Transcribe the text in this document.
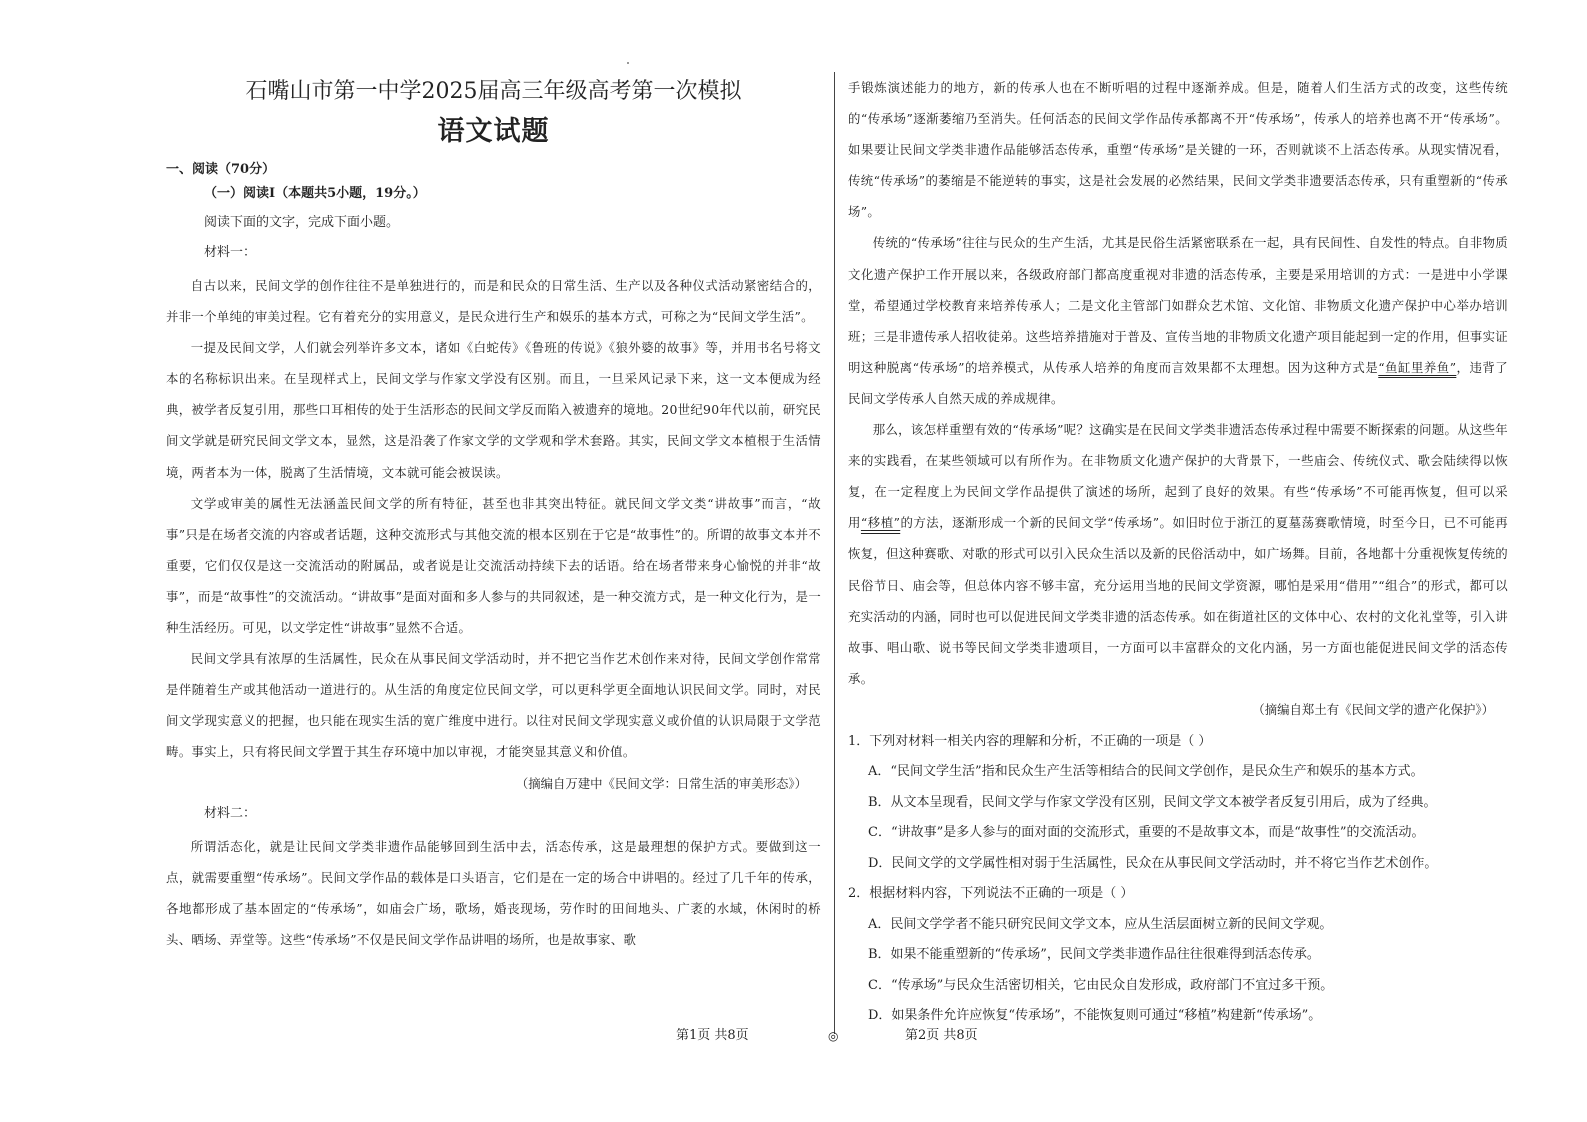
石嘴山市第一中学2025届高三年级高考第一次模拟
语文试题
一、阅读（70分）
（一）阅读I（本题共5小题，19分。）
阅读下面的文字，完成下面小题。
材料一：

自古以来，民间文学的创作往往不是单独进行的，而是和民众的日常生活、生产以及各种仪式活动紧密结合的，并非一个单纯的审美过程。它有着充分的实用意义，是民众进行生产和娱乐的基本方式，可称之为“民间文学生活”。

一提及民间文学，人们就会列举许多文本，诸如《白蛇传》《鲁班的传说》《狼外婆的故事》等，并用书名号将文本的名称标识出来。在呈现样式上，民间文学与作家文学没有区别。而且，一旦采风记录下来，这一文本便成为经典，被学者反复引用，那些口耳相传的处于生活形态的民间文学反而陷入被遗弃的境地。20世纪90年代以前，研究民间文学就是研究民间文学文本，显然，这是沿袭了作家文学的文学观和学术套路。其实，民间文学文本植根于生活情境，两者本为一体，脱离了生活情境，文本就可能会被误读。

文学或审美的属性无法涵盖民间文学的所有特征，甚至也非其突出特征。就民间文学文类“讲故事”而言，“故事”只是在场者交流的内容或者话题，这种交流形式与其他交流的根本区别在于它是“故事性”的。所谓的故事文本并不重要，它们仅仅是这一交流活动的附属品，或者说是让交流活动持续下去的话语。给在场者带来身心愉悦的并非“故事”，而是“故事性”的交流活动。“讲故事”是面对面和多人参与的共同叙述，是一种交流方式，是一种文化行为，是一种生活经历。可见，以文学定性“讲故事”显然不合适。

民间文学具有浓厚的生活属性，民众在从事民间文学活动时，并不把它当作艺术创作来对待，民间文学创作常常是伴随着生产或其他活动一道进行的。从生活的角度定位民间文学，可以更科学更全面地认识民间文学。同时，对民间文学现实意义的把握，也只能在现实生活的宽广维度中进行。以往对民间文学现实意义或价值的认识局限于文学范畴。事实上，只有将民间文学置于其生存环境中加以审视，才能突显其意义和价值。

（摘编自万建中《民间文学：日常生活的审美形态》）
材料二：

所谓活态化，就是让民间文学类非遗作品能够回到生活中去，活态传承，这是最理想的保护方式。要做到这一点，就需要重塑“传承场”。民间文学作品的载体是口头语言，它们是在一定的场合中讲唱的。经过了几千年的传承，各地都形成了基本固定的“传承场”，如庙会广场，歌场，婚丧现场，劳作时的田间地头、广袤的水域，休闲时的桥头、晒场、弄堂等。这些“传承场”不仅是民间文学作品讲唱的场所，也是故事家、歌

手锻炼演述能力的地方，新的传承人也在不断听唱的过程中逐渐养成。但是，随着人们生活方式的改变，这些传统的“传承场”逐渐萎缩乃至消失。任何活态的民间文学作品传承都离不开“传承场”，传承人的培养也离不开“传承场”。如果要让民间文学类非遗作品能够活态传承，重塑“传承场”是关键的一环，否则就谈不上活态传承。从现实情况看，传统“传承场”的萎缩是不能逆转的事实，这是社会发展的必然结果，民间文学类非遗要活态传承，只有重塑新的“传承场”。

传统的“传承场”往往与民众的生产生活，尤其是民俗生活紧密联系在一起，具有民间性、自发性的特点。自非物质文化遗产保护工作开展以来，各级政府部门都高度重视对非遗的活态传承，主要是采用培训的方式：一是进中小学课堂，希望通过学校教育来培养传承人；二是文化主管部门如群众艺术馆、文化馆、非物质文化遗产保护中心举办培训班；三是非遗传承人招收徒弟。这些培养措施对于普及、宣传当地的非物质文化遗产项目能起到一定的作用，但事实证明这种脱离“传承场”的培养模式，从传承人培养的角度而言效果都不太理想。因为这种方式是“鱼缸里养鱼”，违背了民间文学传承人自然天成的养成规律。

那么，该怎样重塑有效的“传承场”呢？这确实是在民间文学类非遗活态传承过程中需要不断探索的问题。从这些年来的实践看，在某些领域可以有所作为。在非物质文化遗产保护的大背景下，一些庙会、传统仪式、歌会陆续得以恢复，在一定程度上为民间文学作品提供了演述的场所，起到了良好的效果。有些“传承场”不可能再恢复，但可以采用“移植”的方法，逐渐形成一个新的民间文学“传承场”。如旧时位于浙江的夏墓荡赛歌情境，时至今日，已不可能再恢复，但这种赛歌、对歌的形式可以引入民众生活以及新的民俗活动中，如广场舞。目前，各地都十分重视恢复传统的民俗节日、庙会等，但总体内容不够丰富，充分运用当地的民间文学资源，哪怕是采用“借用”“组合”的形式，都可以充实活动的内涵，同时也可以促进民间文学类非遗的活态传承。如在街道社区的文体中心、农村的文化礼堂等，引入讲故事、唱山歌、说书等民间文学类非遗项目，一方面可以丰富群众的文化内涵，另一方面也能促进民间文学的活态传承。

（摘编自郑土有《民间文学的遗产化保护》）

1．下列对材料一相关内容的理解和分析，不正确的一项是（ ）

A．“民间文学生活”指和民众生产生活等相结合的民间文学创作，是民众生产和娱乐的基本方式。

B．从文本呈现看，民间文学与作家文学没有区别，民间文学文本被学者反复引用后，成为了经典。

C．“讲故事”是多人参与的面对面的交流形式，重要的不是故事文本，而是“故事性”的交流活动。

D．民间文学的文学属性相对弱于生活属性，民众在从事民间文学活动时，并不将它当作艺术创作。

2．根据材料内容，下列说法不正确的一项是（ ）

A．民间文学学者不能只研究民间文学文本，应从生活层面树立新的民间文学观。

B．如果不能重塑新的“传承场”，民间文学类非遗作品往往很难得到活态传承。

C．“传承场”与民众生活密切相关，它由民众自发形成，政府部门不宜过多干预。

D．如果条件允许应恢复“传承场”，不能恢复则可通过“移植”构建新“传承场”。

第1页 共8页	◎	第2页 共8页
